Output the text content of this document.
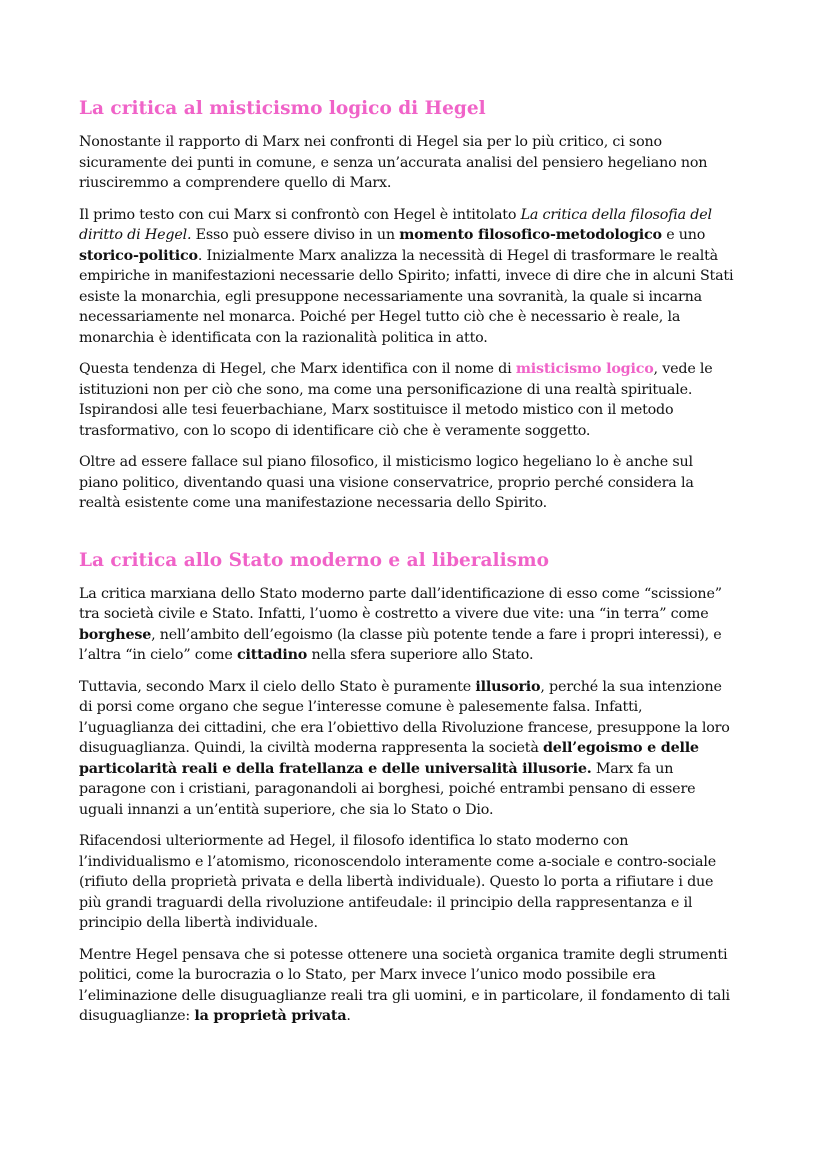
La critica al misticismo logico di Hegel

Nonostante il rapporto di Marx nei confronti di Hegel sia per lo più critico, ci sono sicuramente dei punti in comune, e senza un’accurata analisi del pensiero hegeliano non riusciremmo a comprendere quello di Marx.

Il primo testo con cui Marx si confrontò con Hegel è intitolato La critica della filosofia del diritto di Hegel. Esso può essere diviso in un momento filosofico-metodologico e uno storico-politico. Inizialmente Marx analizza la necessità di Hegel di trasformare le realtà empiriche in manifestazioni necessarie dello Spirito; infatti, invece di dire che in alcuni Stati esiste la monarchia, egli presuppone necessariamente una sovranità, la quale si incarna necessariamente nel monarca. Poiché per Hegel tutto ciò che è necessario è reale, la monarchia è identificata con la razionalità politica in atto.

Questa tendenza di Hegel, che Marx identifica con il nome di misticismo logico, vede le istituzioni non per ciò che sono, ma come una personificazione di una realtà spirituale. Ispirandosi alle tesi feuerbachiane, Marx sostituisce il metodo mistico con il metodo trasformativo, con lo scopo di identificare ciò che è veramente soggetto.

Oltre ad essere fallace sul piano filosofico, il misticismo logico hegeliano lo è anche sul piano politico, diventando quasi una visione conservatrice, proprio perché considera la realtà esistente come una manifestazione necessaria dello Spirito.

La critica allo Stato moderno e al liberalismo

La critica marxiana dello Stato moderno parte dall’identificazione di esso come “scissione” tra società civile e Stato. Infatti, l’uomo è costretto a vivere due vite: una “in terra” come borghese, nell’ambito dell’egoismo (la classe più potente tende a fare i propri interessi), e l’altra “in cielo” come cittadino nella sfera superiore allo Stato.

Tuttavia, secondo Marx il cielo dello Stato è puramente illusorio, perché la sua intenzione di porsi come organo che segue l’interesse comune è palesemente falsa. Infatti, l’uguaglianza dei cittadini, che era l’obiettivo della Rivoluzione francese, presuppone la loro disuguaglianza. Quindi, la civiltà moderna rappresenta la società dell’egoismo e delle particolarità reali e della fratellanza e delle universalità illusorie. Marx fa un paragone con i cristiani, paragonandoli ai borghesi, poiché entrambi pensano di essere uguali innanzi a un’entità superiore, che sia lo Stato o Dio.

Rifacendosi ulteriormente ad Hegel, il filosofo identifica lo stato moderno con l’individualismo e l’atomismo, riconoscendolo interamente come a-sociale e contro-sociale (rifiuto della proprietà privata e della libertà individuale). Questo lo porta a rifiutare i due più grandi traguardi della rivoluzione antifeudale: il principio della rappresentanza e il principio della libertà individuale.

Mentre Hegel pensava che si potesse ottenere una società organica tramite degli strumenti politici, come la burocrazia o lo Stato, per Marx invece l’unico modo possibile era l’eliminazione delle disuguaglianze reali tra gli uomini, e in particolare, il fondamento di tali disuguaglianze: la proprietà privata.
